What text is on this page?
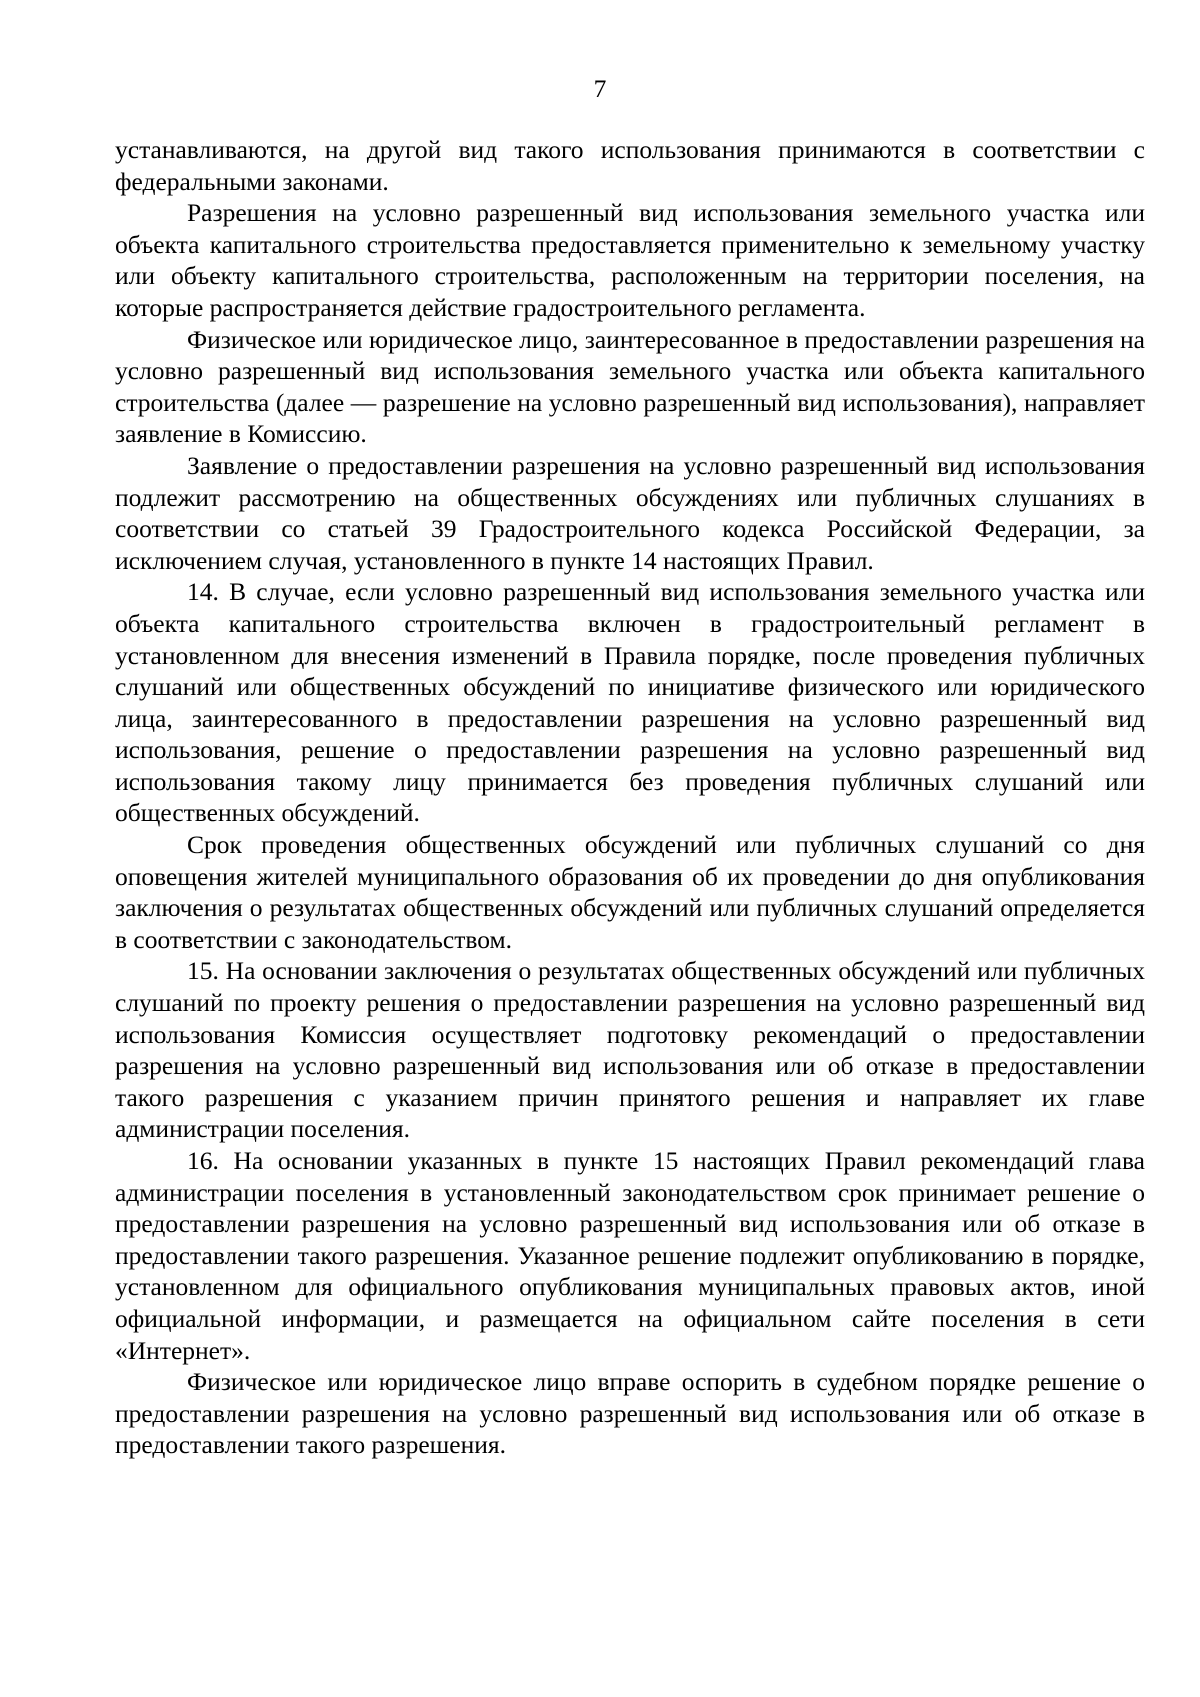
7

устанавливаются, на другой вид такого использования принимаются в соответствии с федеральными законами.

Разрешения на условно разрешенный вид использования земельного участка или объекта капитального строительства предоставляется применительно к земельному участку или объекту капитального строительства, расположенным на территории поселения, на которые распространяется действие градостроительного регламента.

Физическое или юридическое лицо, заинтересованное в предоставлении разрешения на условно разрешенный вид использования земельного участка или объекта капитального строительства (далее — разрешение на условно разрешенный вид использования), направляет заявление в Комиссию.

Заявление о предоставлении разрешения на условно разрешенный вид использования подлежит рассмотрению на общественных обсуждениях или публичных слушаниях в соответствии со статьей 39 Градостроительного кодекса Российской Федерации, за исключением случая, установленного в пункте 14 настоящих Правил.

14. В случае, если условно разрешенный вид использования земельного участка или объекта капитального строительства включен в градостроительный регламент в установленном для внесения изменений в Правила порядке, после проведения публичных слушаний или общественных обсуждений по инициативе физического или юридического лица, заинтересованного в предоставлении разрешения на условно разрешенный вид использования, решение о предоставлении разрешения на условно разрешенный вид использования такому лицу принимается без проведения публичных слушаний или общественных обсуждений.

Срок проведения общественных обсуждений или публичных слушаний со дня оповещения жителей муниципального образования об их проведении до дня опубликования заключения о результатах общественных обсуждений или публичных слушаний определяется в соответствии с законодательством.

15. На основании заключения о результатах общественных обсуждений или публичных слушаний по проекту решения о предоставлении разрешения на условно разрешенный вид использования Комиссия осуществляет подготовку рекомендаций о предоставлении разрешения на условно разрешенный вид использования или об отказе в предоставлении такого разрешения с указанием причин принятого решения и направляет их главе администрации поселения.

16. На основании указанных в пункте 15 настоящих Правил рекомендаций глава администрации поселения в установленный законодательством срок принимает решение о предоставлении разрешения на условно разрешенный вид использования или об отказе в предоставлении такого разрешения. Указанное решение подлежит опубликованию в порядке, установленном для официального опубликования муниципальных правовых актов, иной официальной информации, и размещается на официальном сайте поселения в сети «Интернет».

Физическое или юридическое лицо вправе оспорить в судебном порядке решение о предоставлении разрешения на условно разрешенный вид использования или об отказе в предоставлении такого разрешения.
